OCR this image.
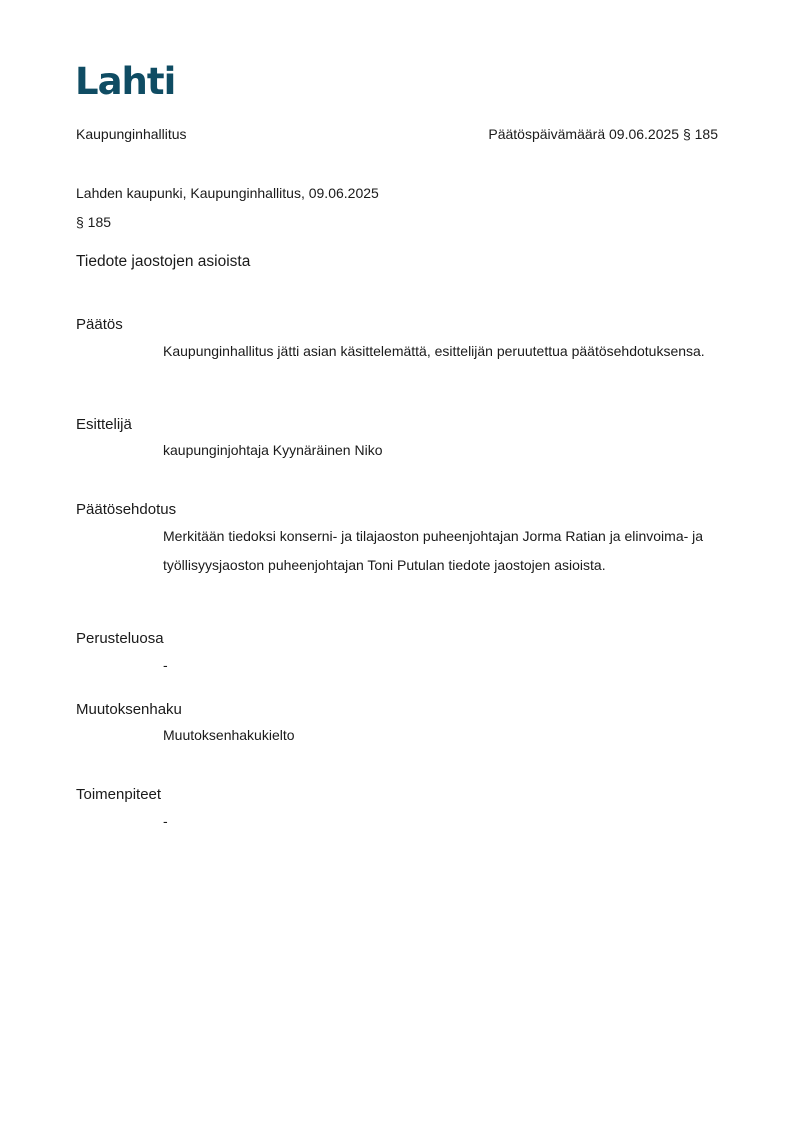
Lahti
Kaupunginhallitus	Päätöspäivämäärä 09.06.2025 § 185
Lahden kaupunki, Kaupunginhallitus, 09.06.2025
§ 185
Tiedote jaostojen asioista
Päätös
Kaupunginhallitus jätti asian käsittelemättä, esittelijän peruutettua päätösehdotuksensa.
Esittelijä
kaupunginjohtaja Kyynäräinen Niko
Päätösehdotus
Merkitään tiedoksi konserni- ja tilajaoston puheenjohtajan Jorma Ratian ja elinvoima- ja työllisyysjaoston puheenjohtajan Toni Putulan tiedote jaostojen asioista.
Perusteluosa
-
Muutoksenhaku
Muutoksenhakukielto
Toimenpiteet
-
